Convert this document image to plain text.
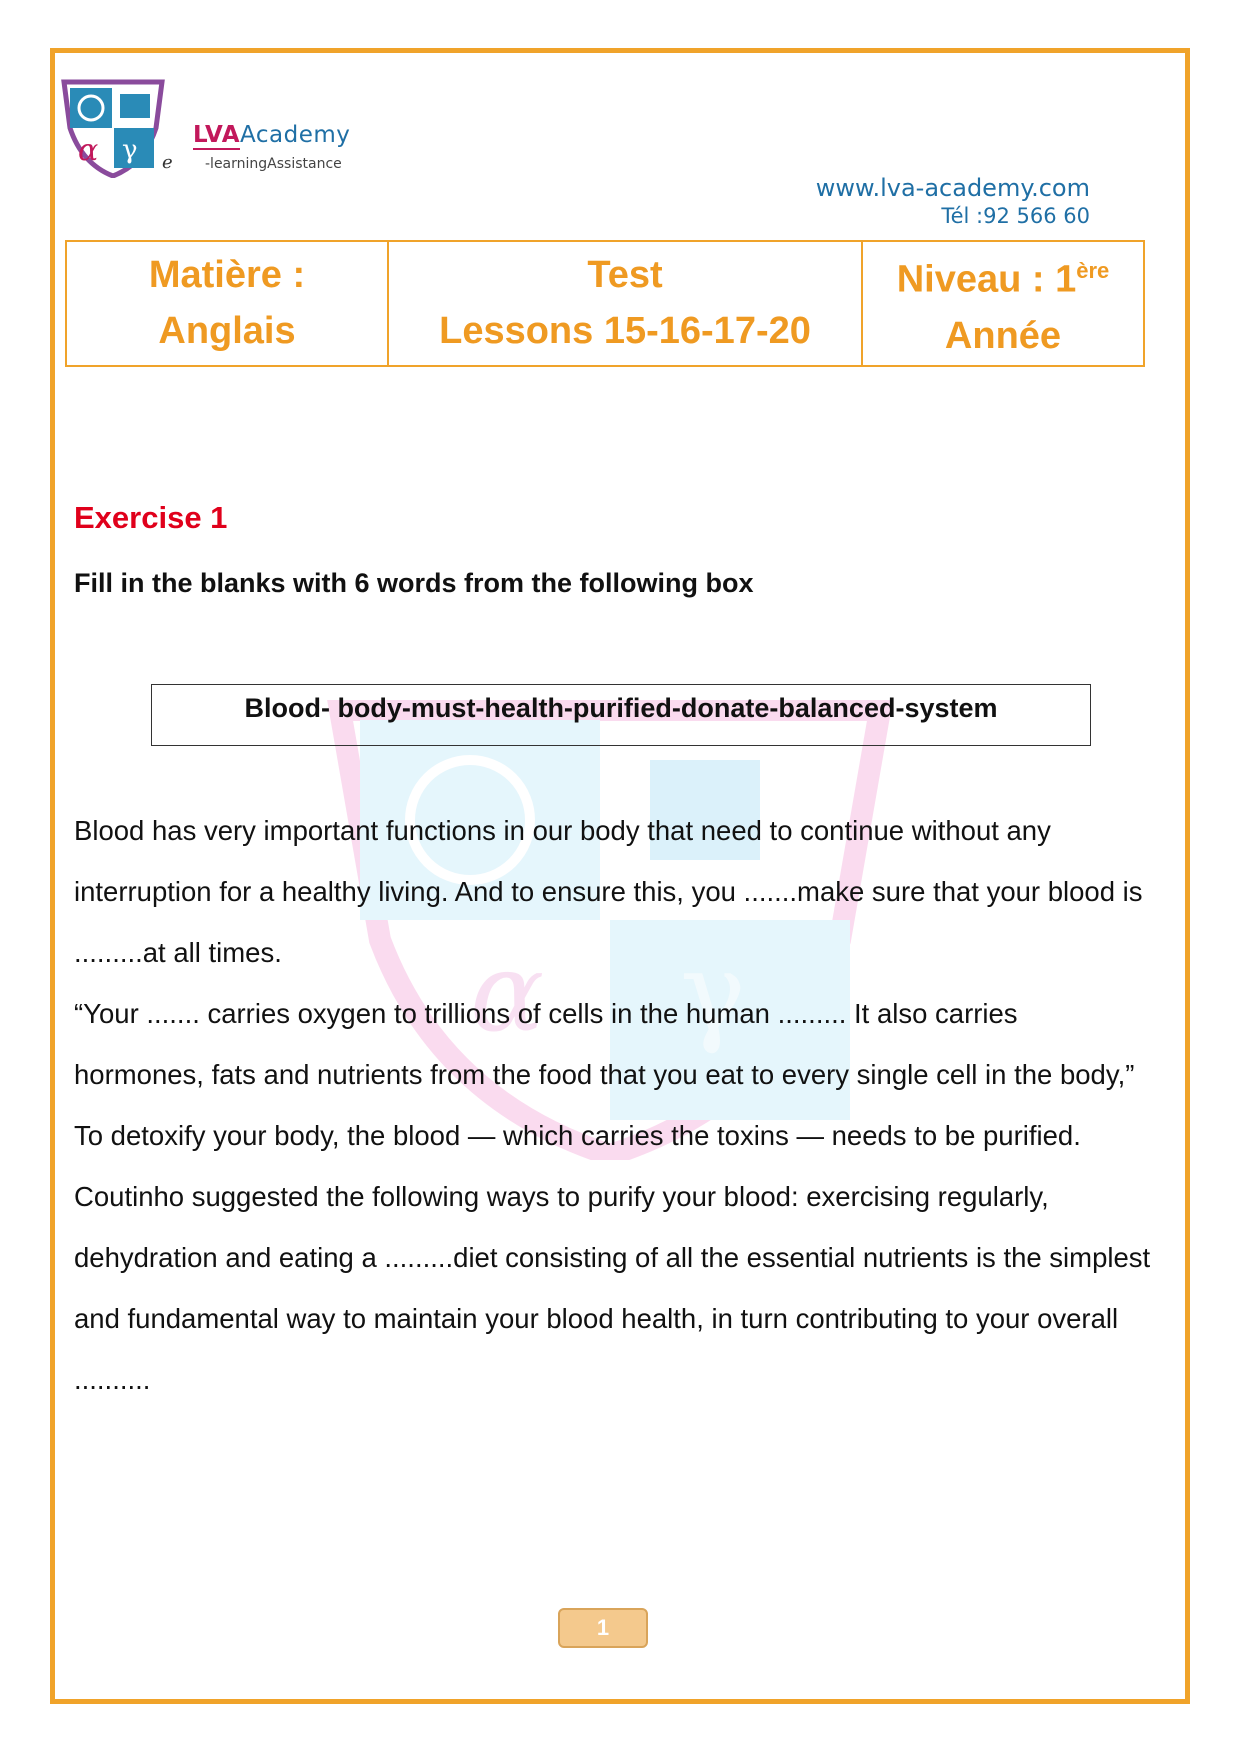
α γ
α γ e
LVAAcademy
-learningAssistance
www.lva-academy.com
Tél :92 566 60
Matière :
Anglais

Test
Lessons 15-16-17-20

Niveau : 1ère
Année
Exercise 1
Fill in the blanks with 6 words from the following box
Blood- body-must-health-purified-donate-balanced-system

Blood has very important functions in our body that need to continue without any interruption for a healthy living. And to ensure this, you .......make sure that your blood is .........at all times.

“Your ....... carries oxygen to trillions of cells in the human ......... It also carries hormones, fats and nutrients from the food that you eat to every single cell in the body,”

To detoxify your body, the blood — which carries the toxins — needs to be purified. Coutinho suggested the following ways to purify your blood: exercising regularly, dehydration and eating a .........diet consisting of all the essential nutrients is the simplest and fundamental way to maintain your blood health, in turn contributing to your overall ..........

1
